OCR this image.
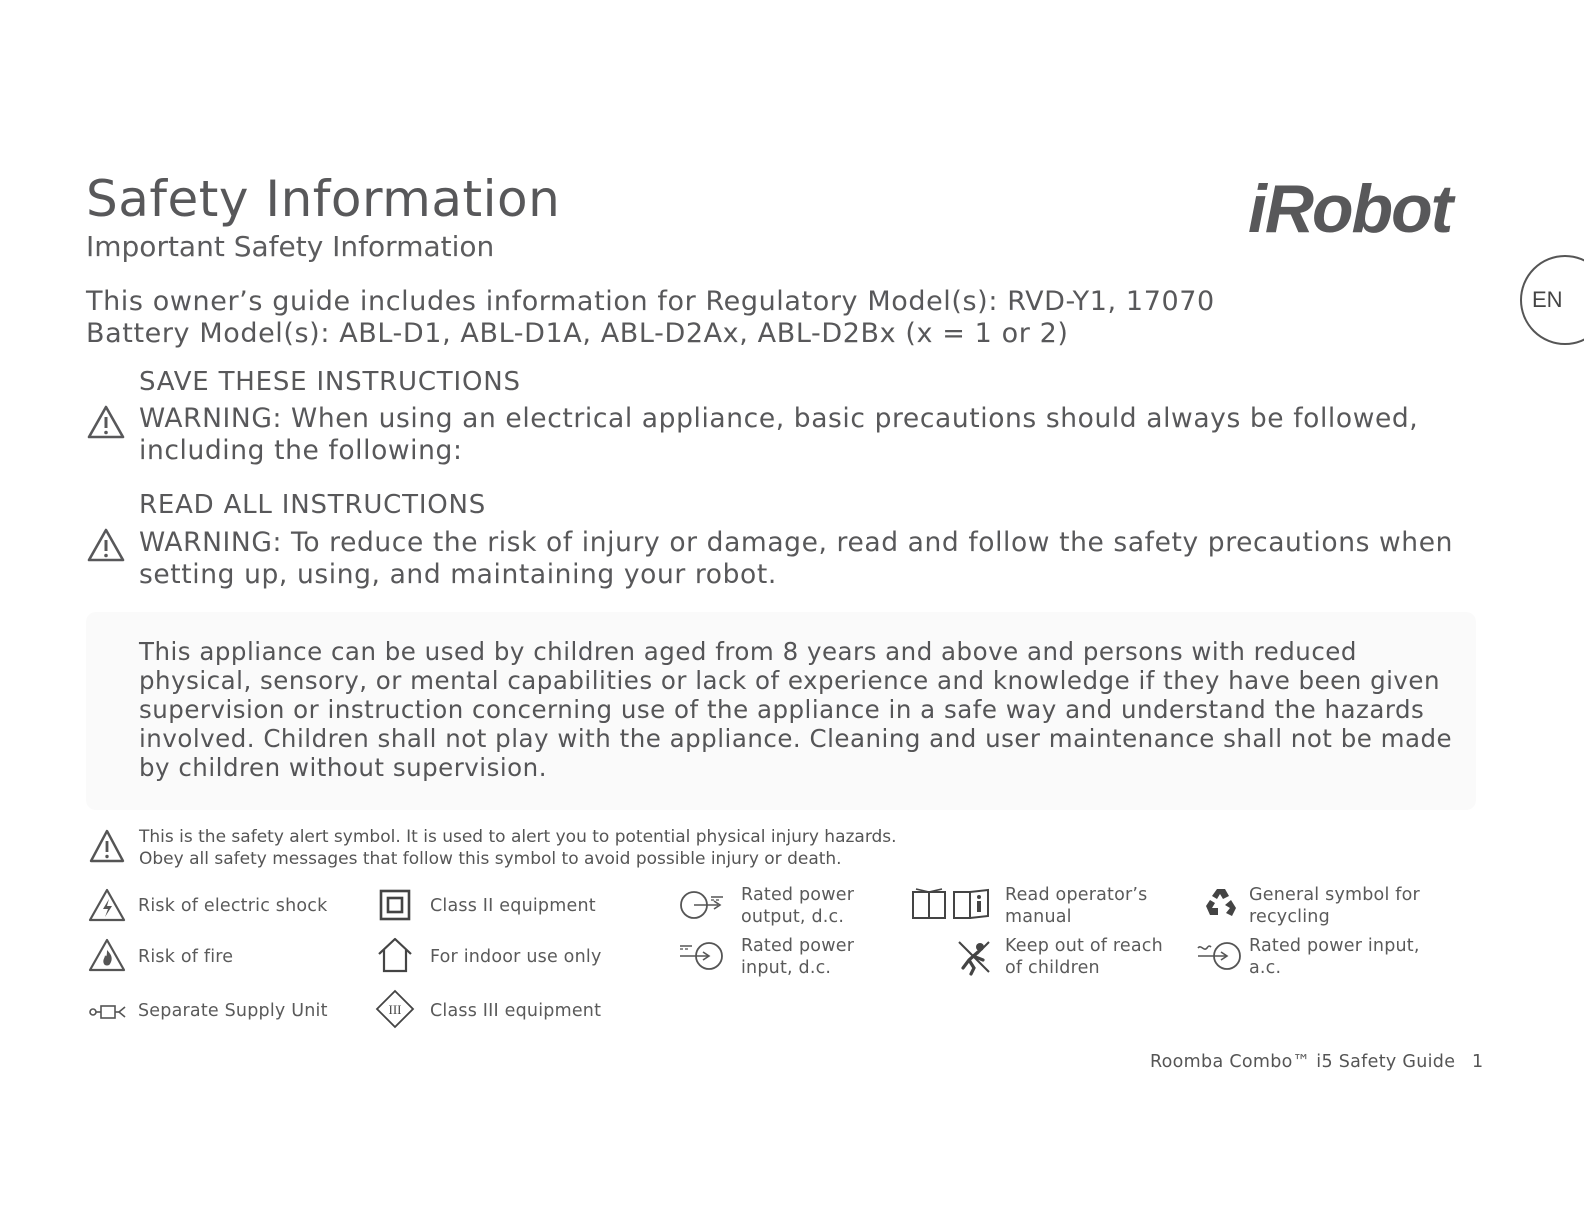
Safety Information
Important Safety Information	iRobot
EN
This owner’s guide includes information for Regulatory Model(s): RVD-Y1, 17070
Battery Model(s): ABL-D1, ABL-D1A, ABL-D2Ax, ABL-D2Bx (x = 1 or 2)
SAVE THESE INSTRUCTIONS
WARNING: When using an electrical appliance, basic precautions should always be followed, including the following:
READ ALL INSTRUCTIONS
WARNING: To reduce the risk of injury or damage, read and follow the safety precautions when setting up, using, and maintaining your robot.
This appliance can be used by children aged from 8 years and above and persons with reduced physical, sensory, or mental capabilities or lack of experience and knowledge if they have been given supervision or instruction concerning use of the appliance in a safe way and understand the hazards involved. Children shall not play with the appliance. Cleaning and user maintenance shall not be made by children without supervision.
This is the safety alert symbol. It is used to alert you to potential physical injury hazards.
Obey all safety messages that follow this symbol to avoid possible injury or death.
Risk of electric shock
Risk of fire
Separate Supply Unit
Class II equipment
For indoor use only
III Class III equipment
Rated power
output, d.c.
Rated power
input, d.c.
Read operator’s
manual
Keep out of reach
of children
General symbol for
recycling
Rated power input,
a.c.
Roomba Combo™ i5 Safety Guide 1
